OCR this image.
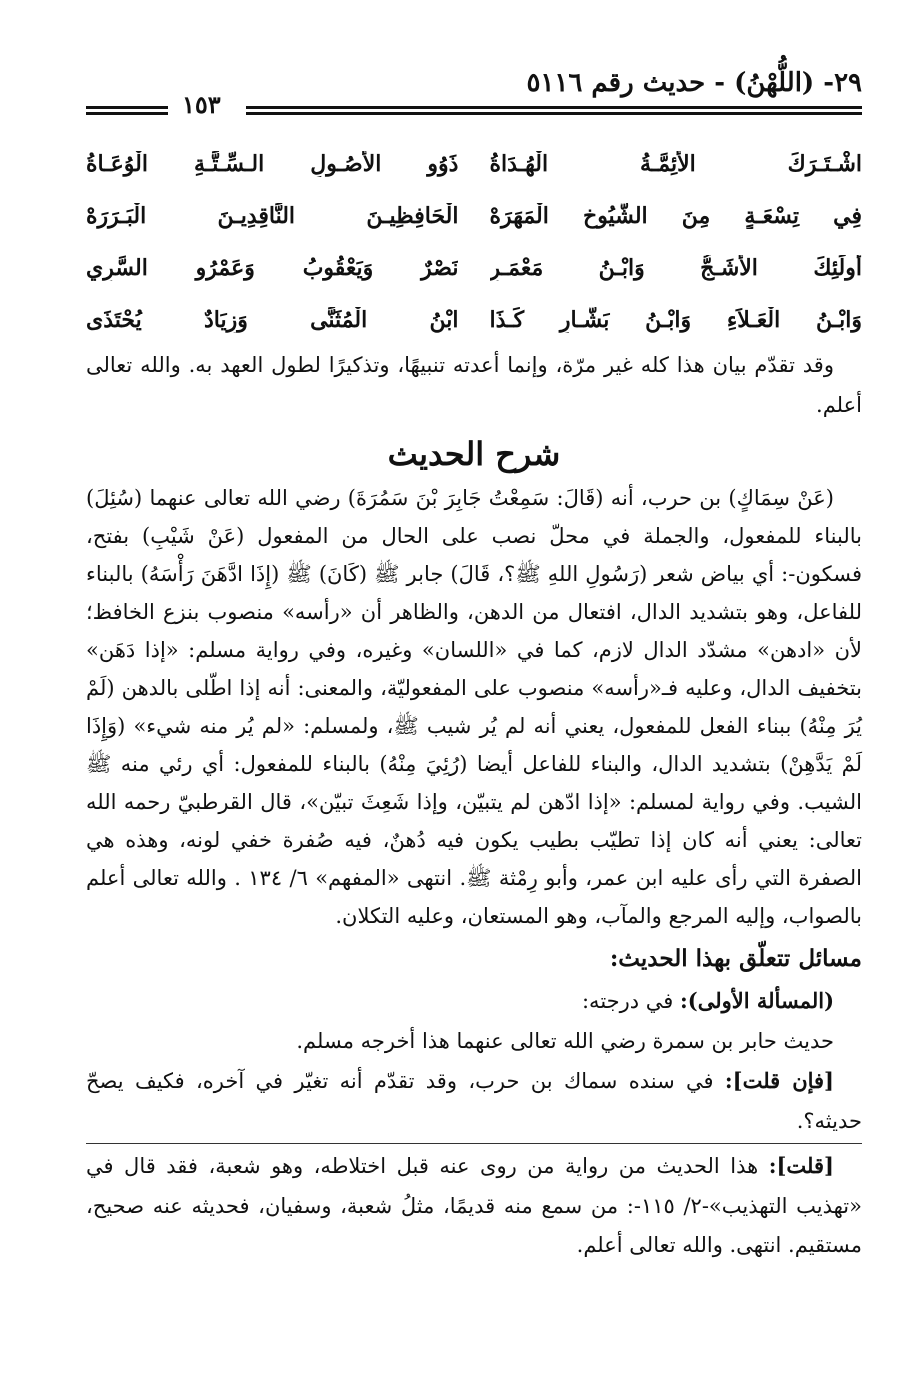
٢٩- (اللُّهْنُ) - حديث رقم ٥١١٦
١٥٣
اشْـتَـرَكَ الأَئِمَّـةُ الْهُـدَاةُ
ذَوُو الأُصُـولِ الـسِّـتَّـةِ الْوُعَـاةُ
فِي تِسْعَـةٍ مِنَ الشُّيُوخِ الْمَهَرَهْ
الْحَافِظِيـنَ النَّاقِدِيـنَ الْبَـرَرَهْ
أُولَئِكَ الأَشَـجُّ وَابْـنُ مَعْمَـرِ
نَصْرٌ وَيَعْقُوبُ وَعَمْرُو السَّرِي
وَابْـنُ الْعَـلاَءِ وَابْـنُ بَشَّـارٍ كَـذَا
ابْنُ الْمُثَنَّى وَزِيَادٌ يُحْتَذَى

وقد تقدّم بيان هذا كله غير مرّة، وإنما أعدته تنبيهًا، وتذكيرًا لطول العهد به. والله تعالى أعلم.

شرح الحديث

(عَنْ سِمَاكٍ) بن حرب، أنه (قَالَ: سَمِعْتُ جَابِرَ بْنَ سَمُرَةَ) رضي الله تعالى عنهما (سُئِلَ) بالبناء للمفعول، والجملة في محلّ نصب على الحال من المفعول (عَنْ شَيْبِ) بفتح، فسكون-: أي بياض شعر (رَسُولِ اللهِ ﷺ؟، قَالَ) جابر ﷺ (كَانَ) ﷺ (إِذَا ادَّهَنَ رَأْسَهُ) بالبناء للفاعل، وهو بتشديد الدال، افتعال من الدهن، والظاهر أن «رأسه» منصوب بنزع الخافظ؛ لأن «ادهن» مشدّد الدال لازم، كما في «اللسان» وغيره، وفي رواية مسلم: «إذا دَهَن» بتخفيف الدال، وعليه فـ«رأسه» منصوب على المفعوليّة، والمعنى: أنه إذا اطّلى بالدهن (لَمْ يُرَ مِنْهُ) ببناء الفعل للمفعول، يعني أنه لم يُر شيب ﷺ، ولمسلم: «لم يُر منه شيء» (وَإِذَا لَمْ يَدَّهِنْ) بتشديد الدال، والبناء للفاعل أيضا (رُئِيَ مِنْهُ) بالبناء للمفعول: أي رئي منه ﷺ الشيب. وفي رواية لمسلم: «إذا ادّهن لم يتبيّن، وإذا شَعِثَ تبيّن»، قال القرطبيّ رحمه الله تعالى: يعني أنه كان إذا تطيّب بطيب يكون فيه دُهنٌ، فيه صُفرة خفي لونه، وهذه هي الصفرة التي رأى عليه ابن عمر، وأبو رِمْثة ﷺ. انتهى «المفهم» ٦/ ١٣٤ . والله تعالى أعلم بالصواب، وإليه المرجع والمآب، وهو المستعان، وعليه التكلان.

مسائل تتعلّق بهذا الحديث:

(المسألة الأولى): في درجته:

حديث حابر بن سمرة رضي الله تعالى عنهما هذا أخرجه مسلم.

[فإن قلت]: في سنده سماك بن حرب، وقد تقدّم أنه تغيّر في آخره، فكيف يصحّ حديثه؟.

[قلت]: هذا الحديث من رواية من روى عنه قبل اختلاطه، وهو شعبة، فقد قال في «تهذيب التهذيب»-٢/ ١١٥-: من سمع منه قديمًا، مثلُ شعبة، وسفيان، فحديثه عنه صحيح، مستقيم. انتهى. والله تعالى أعلم.
